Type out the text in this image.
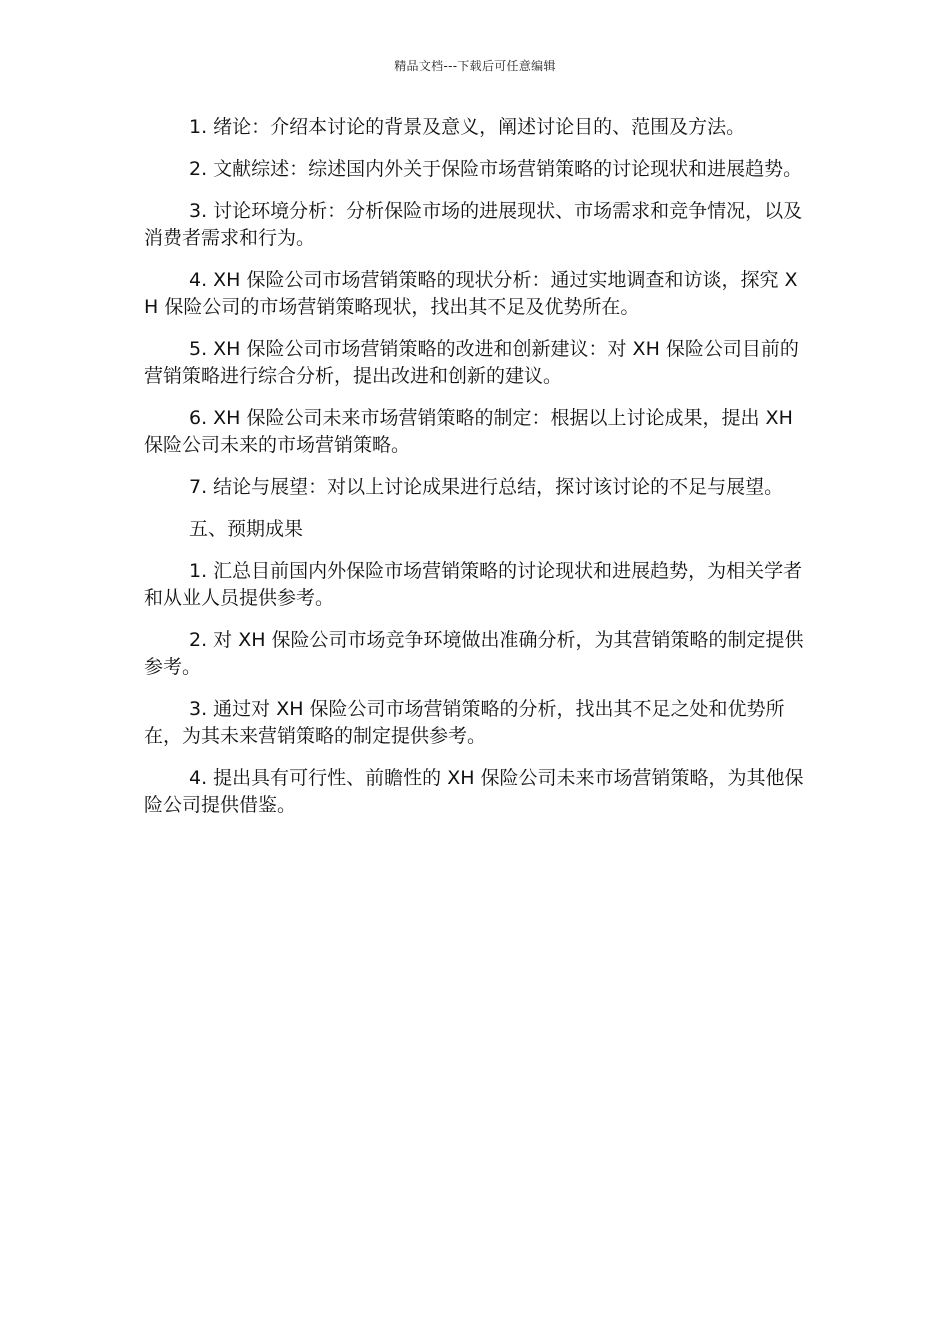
精品文档---下载后可任意编辑

1. 绪论：介绍本讨论的背景及意义，阐述讨论目的、范围及方法。

2. 文献综述：综述国内外关于保险市场营销策略的讨论现状和进展趋势。

3. 讨论环境分析：分析保险市场的进展现状、市场需求和竞争情况，以及消费者需求和行为。

4. XH 保险公司市场营销策略的现状分析：通过实地调查和访谈，探究 XH 保险公司的市场营销策略现状，找出其不足及优势所在。

5. XH 保险公司市场营销策略的改进和创新建议：对 XH 保险公司目前的营销策略进行综合分析，提出改进和创新的建议。

6. XH 保险公司未来市场营销策略的制定：根据以上讨论成果，提出 XH 保险公司未来的市场营销策略。

7. 结论与展望：对以上讨论成果进行总结，探讨该讨论的不足与展望。

五、预期成果

1. 汇总目前国内外保险市场营销策略的讨论现状和进展趋势，为相关学者和从业人员提供参考。

2. 对 XH 保险公司市场竞争环境做出准确分析，为其营销策略的制定提供参考。

3. 通过对 XH 保险公司市场营销策略的分析，找出其不足之处和优势所在，为其未来营销策略的制定提供参考。

4. 提出具有可行性、前瞻性的 XH 保险公司未来市场营销策略，为其他保险公司提供借鉴。
